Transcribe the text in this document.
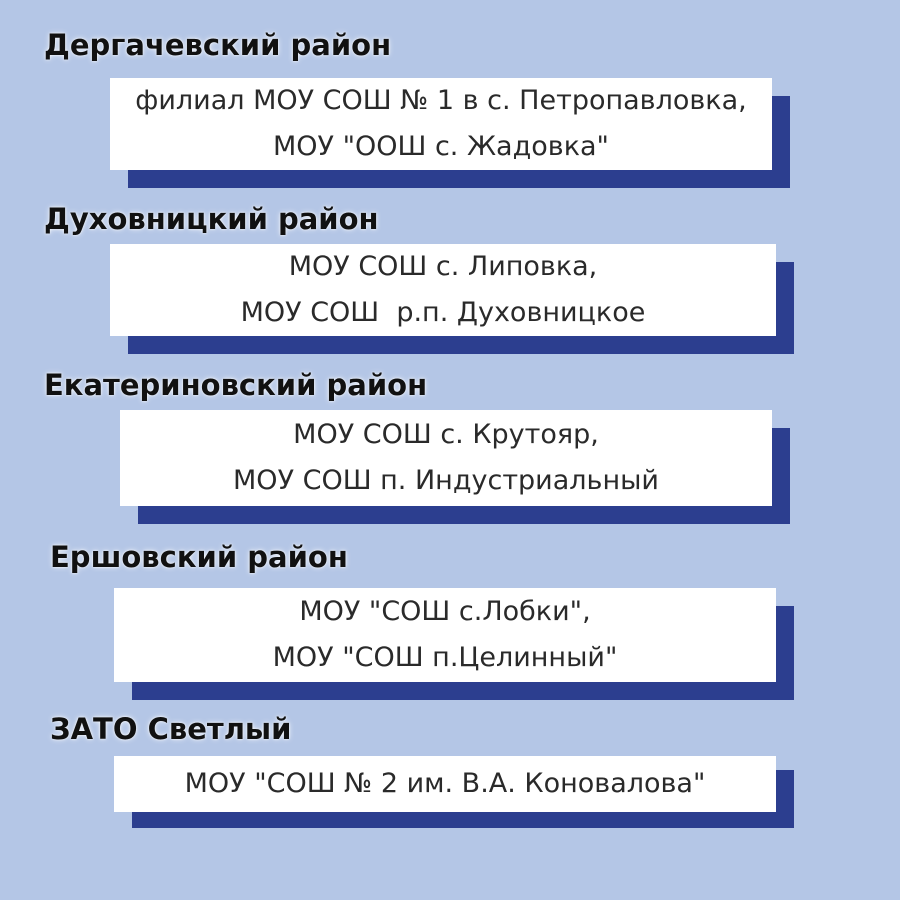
Дергачевский район
филиал МОУ СОШ № 1 в с. Петропавловка,
МОУ "ООШ с. Жадовка"
Духовницкий район
МОУ СОШ с. Липовка,
МОУ СОШ  р.п. Духовницкое
Екатериновский район
МОУ СОШ с. Крутояр,
МОУ СОШ п. Индустриальный
Ершовский район
МОУ "СОШ с.Лобки",
МОУ "СОШ п.Целинный"
ЗАТО Светлый
МОУ "СОШ № 2 им. В.А. Коновалова"
